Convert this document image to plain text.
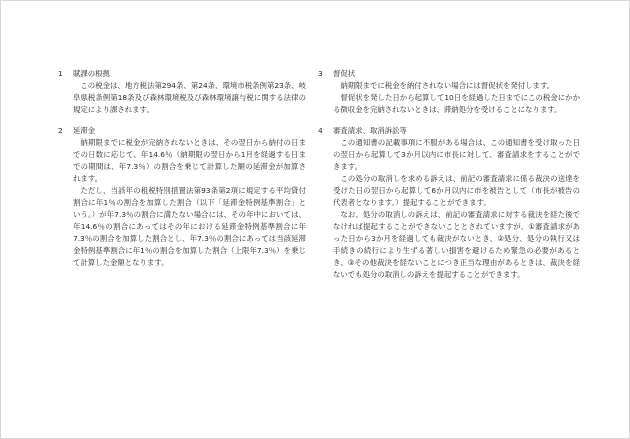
1	賦課の根拠
この税金は、地方税法第294条、第24条、環境市税条例第23条、岐阜県税条例第18条及び森林環境税及び森林環境譲与税に関する法律の規定により課されます。
2	延滞金
納期限までに税金が完納されないときは、その翌日から納付の日までの日数に応じて、年14.6％（納期限の翌日から1月を経過する日までの期間は、年7.3％）の割合を乗じて計算した額の延滞金が加算されます。
ただし、当該年の租税特別措置法第93条第2項に規定する平均貸付割合に年1％の割合を加算した割合（以下「延滞金特例基準割合」という。）が年7.3％の割合に満たない場合には、その年中においては、年14.6％の割合にあってはその年における延滞金特例基準割合に年7.3％の割合を加算した割合とし、年7.3％の割合にあっては当該延滞金特例基準割合に年1％の割合を加算した割合（上限年7.3％）を乗じて計算した金額となります。
3	督促状
納期限までに税金を納付されない場合には督促状を発付します。
督促状を発した日から起算して10日を経過した日までにこの税金にかかる徴収金を完納されないときは、滞納処分を受けることになります。
4	審査請求、取消訴訟等
この通知書の記載事項に不服がある場合は、この通知書を受け取った日の翌日から起算して3か月以内に市長に対して、審査請求をすることができます。
この処分の取消しを求める訴えは、前記の審査請求に係る裁決の送達を受けた日の翌日から起算して6か月以内に市を被告として（市長が被告の代表者となります。）提起することができます。
なお、処分の取消しの訴えは、前記の審査請求に対する裁決を経た後でなければ提起することができないこととされていますが、①審査請求があった日から3か月を経過しても裁決がないとき、②処分、処分の執行又は手続きの続行により生ずる著しい損害を避けるため緊急の必要があるとき、③その他裁決を経ないことにつき正当な理由があるときは、裁決を経ないでも処分の取消しの訴えを提起することができます。
